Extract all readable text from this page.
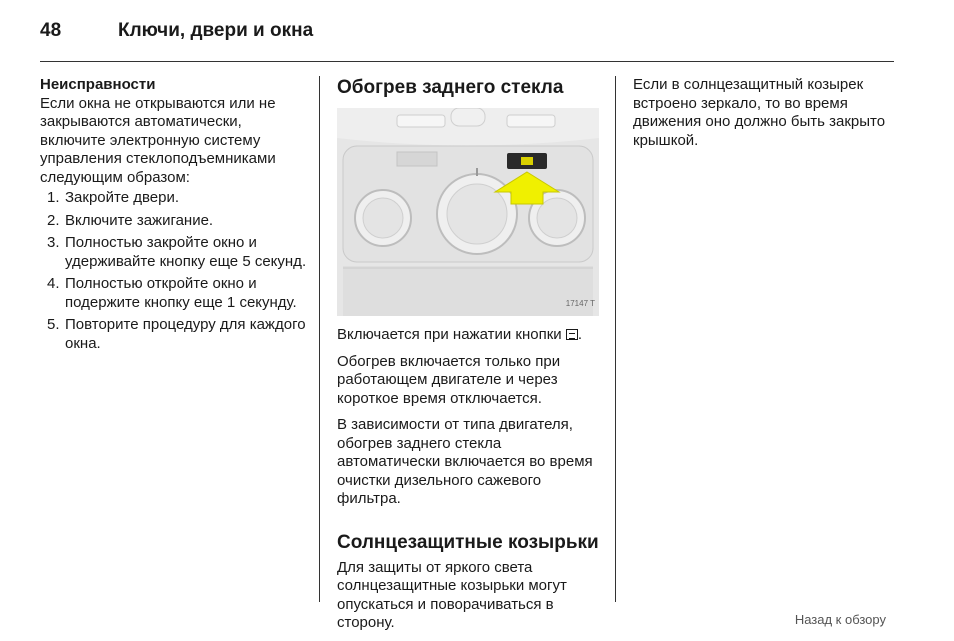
48	Ключи, двери и окна
Неисправности
Если окна не открываются или не закрываются автоматически, включите электронную систему управления стеклоподъемниками следующим образом:
1. Закройте двери.
2. Включите зажигание.
3. Полностью закройте окно и удерживайте кнопку еще 5 секунд.
4. Полностью откройте окно и подержите кнопку еще 1 секунду.
5. Повторите процедуру для каждого окна.
Обогрев заднего стекла
17147 T

Включается при нажатии кнопки .

Обогрев включается только при работающем двигателе и через короткое время отключается.

В зависимости от типа двигателя, обогрев заднего стекла автоматически включается во время очистки дизельного сажевого фильтра.

Солнцезащитные козырьки

Для защиты от яркого света солнцезащитные козырьки могут опускаться и поворачиваться в сторону.

Если в солнцезащитный козырек встроено зеркало, то во время движения оно должно быть закрыто крышкой.

Назад к обзору
